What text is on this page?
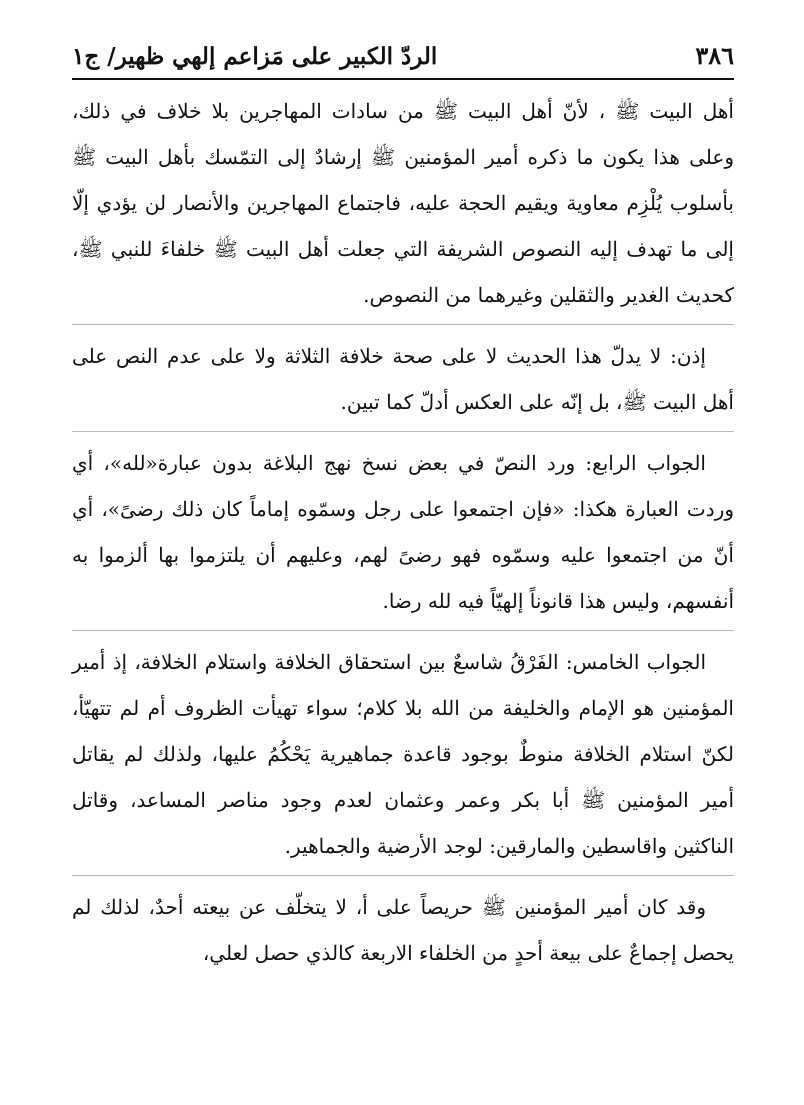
٣٨٦
الردّ الكبير على مَزاعم إلهي ظهير/ ج١

أهل البيت ﷺ ، لأنّ أهل البيت ﷺ من سادات المهاجرين بلا خلاف في ذلك، وعلى هذا يكون ما ذكره أمير المؤمنين ﷺ إرشادٌ إلى التمّسك بأهل البيت ﷺ بأسلوب يُلْزِم معاوية ويقيم الحجة عليه، فاجتماع المهاجرين والأنصار لن يؤدي إلّا إلى ما تهدف إليه النصوص الشريفة التي جعلت أهل البيت ﷺ خلفاءَ للنبي ﷺ، كحديث الغدير والثقلين وغيرهما من النصوص.

إذن: لا يدلّ هذا الحديث لا على صحة خلافة الثلاثة ولا على عدم النص على أهل البيت ﷺ، بل إنّه على العكس أدلّ كما تبين.

الجواب الرابع: ورد النصّ في بعض نسخ نهج البلاغة بدون عبارة«لله»، أي وردت العبارة هكذا: «فإن اجتمعوا على رجل وسمّوه إماماً كان ذلك رضىً»، أي أنّ من اجتمعوا عليه وسمّوه فهو رضىً لهم، وعليهم أن يلتزموا بها ألزموا به أنفسهم، وليس هذا قانوناً إلهيّاً فيه لله رضا.

الجواب الخامس: الفَرْقُ شاسعٌ بين استحقاق الخلافة واستلام الخلافة، إذ أمير المؤمنين هو الإمام والخليفة من الله بلا كلام؛ سواء تهيأت الظروف أم لم تتهيّأ، لكنّ استلام الخلافة منوطٌ بوجود قاعدة جماهيرية يَحْكُمُ عليها، ولذلك لم يقاتل أمير المؤمنين ﷺ أبا بكر وعمر وعثمان لعدم وجود مناصر المساعد، وقاتل الناكثين واقاسطين والمارقين: لوجد الأرضية والجماهير.

وقد كان أمير المؤمنين ﷺ حريصاً على أ، لا يتخلّف عن بيعته أحدٌ، لذلك لم يحصل إجماعٌ على بيعة أحدٍ من الخلفاء الاربعة كالذي حصل لعلي،
